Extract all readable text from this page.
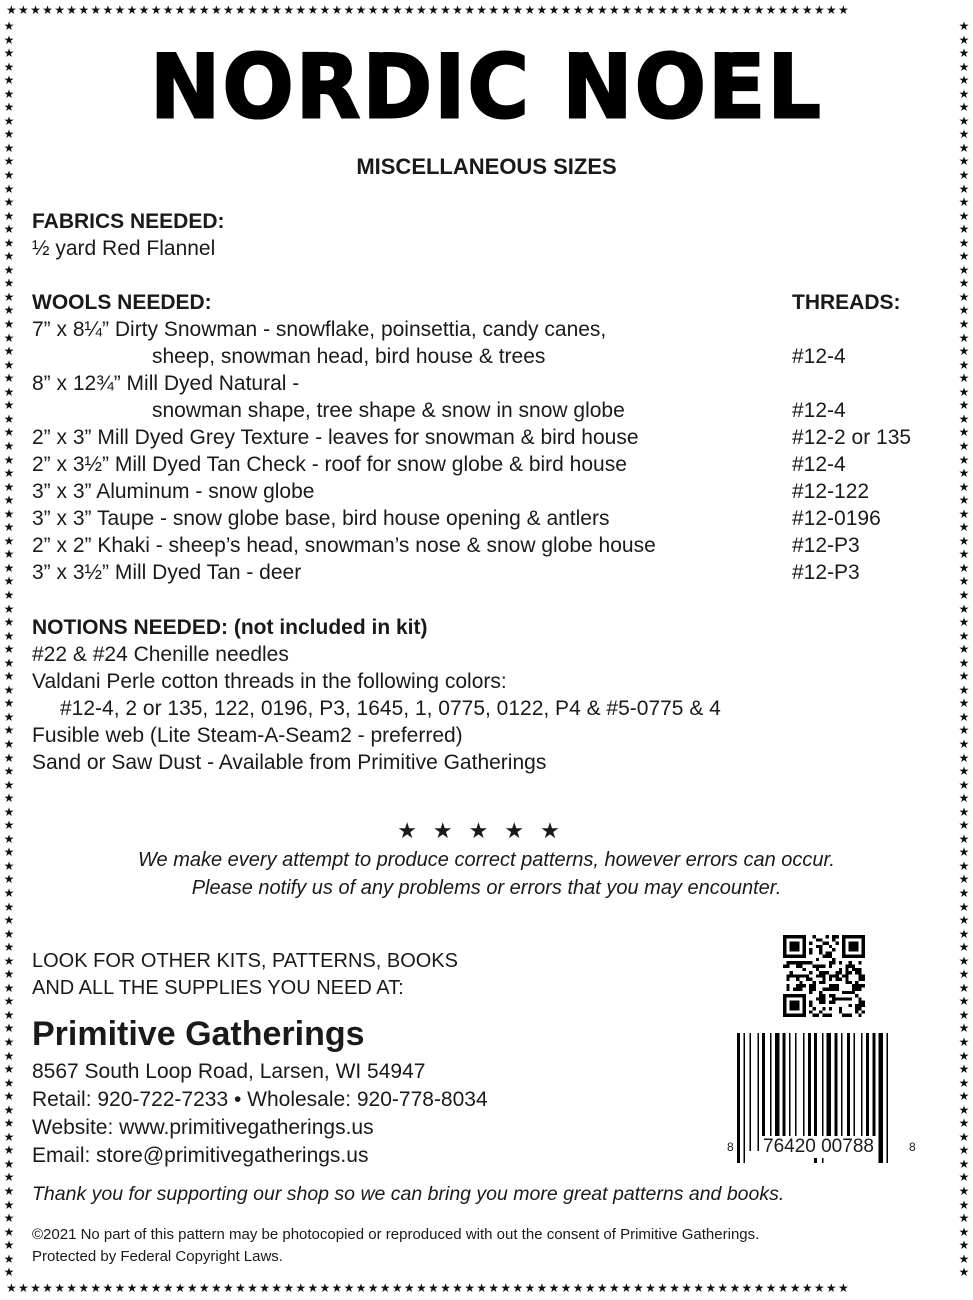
★★★★★★★★★★★★★★★★★★★★★★★★★★★★★★★★★★★★★★★★★★★★★★★★★★★★★★★★★★★★★★★★★★★★★★
★★★★★★★★★★★★★★★★★★★★★★★★★★★★★★★★★★★★★★★★★★★★★★★★★★★★★★★★★★★★★★★★★★★★★★
★
★
★
★
★
★
★
★
★
★
★
★
★
★
★
★
★
★
★
★
★
★
★
★
★
★
★
★
★
★
★
★
★
★
★
★
★
★
★
★
★
★
★
★
★
★
★
★
★
★
★
★
★
★
★
★
★
★
★
★
★
★
★
★
★
★
★
★
★
★
★
★
★
★
★
★
★
★
★
★
★
★
★
★
★
★
★
★
★
★
★
★
★
★
★
★
★
★
★
★
★
★
★
★
★
★
★
★
★
★
★
★
★
★
★
★
★
★
★
★
★
★
★
★
★
★
★
★
★
★
★
★
★
★
★
★
★
★
★
★
★
★
★
★
★
★
★
★
★
★
★
★
★
★
★
★
★
★
★
★
★
★
★
★
★
★
★
★
★
★
★
★
★
★
★
★
★
★
★
★
★
★
★
★
★
★
NORDIC NOEL
MISCELLANEOUS SIZES
FABRICS NEEDED:
½ yard Red Flannel
WOOLS NEEDED:	THREADS:
7” x 8¼” Dirty Snowman - snowflake, poinsettia, candy canes,
sheep, snowman head, bird house & trees	#12-4
8” x 12¾” Mill Dyed Natural -
snowman shape, tree shape & snow in snow globe	#12-4
2” x 3” Mill Dyed Grey Texture - leaves for snowman & bird house	#12-2 or 135
2” x 3½” Mill Dyed Tan Check - roof for snow globe & bird house	#12-4
3” x 3” Aluminum - snow globe	#12-122
3” x 3” Taupe - snow globe base, bird house opening & antlers	#12-0196
2” x 2” Khaki - sheep’s head, snowman’s nose & snow globe house	#12-P3
3” x 3½” Mill Dyed Tan - deer	#12-P3
NOTIONS NEEDED: (not included in kit)
#22 & #24 Chenille needles
Valdani Perle cotton threads in the following colors:
#12-4, 2 or 135, 122, 0196, P3, 1645, 1, 0775, 0122, P4 & #5-0775 & 4
Fusible web (Lite Steam-A-Seam2 - preferred)
Sand or Saw Dust - Available from Primitive Gatherings
★★★★★
We make every attempt to produce correct patterns, however errors can occur.
Please notify us of any problems or errors that you may encounter.
LOOK FOR OTHER KITS, PATTERNS, BOOKS
AND ALL THE SUPPLIES YOU NEED AT:
Primitive Gatherings
8567 South Loop Road, Larsen, WI 54947
Retail: 920-722-7233 • Wholesale: 920-778-8034
Website: www.primitivegatherings.us
Email: store@primitivegatherings.us	8 76420 00788	8
Thank you for supporting our shop so we can bring you more great patterns and books.
©2021 No part of this pattern may be photocopied or reproduced with out the consent of Primitive Gatherings.
Protected by Federal Copyright Laws.
